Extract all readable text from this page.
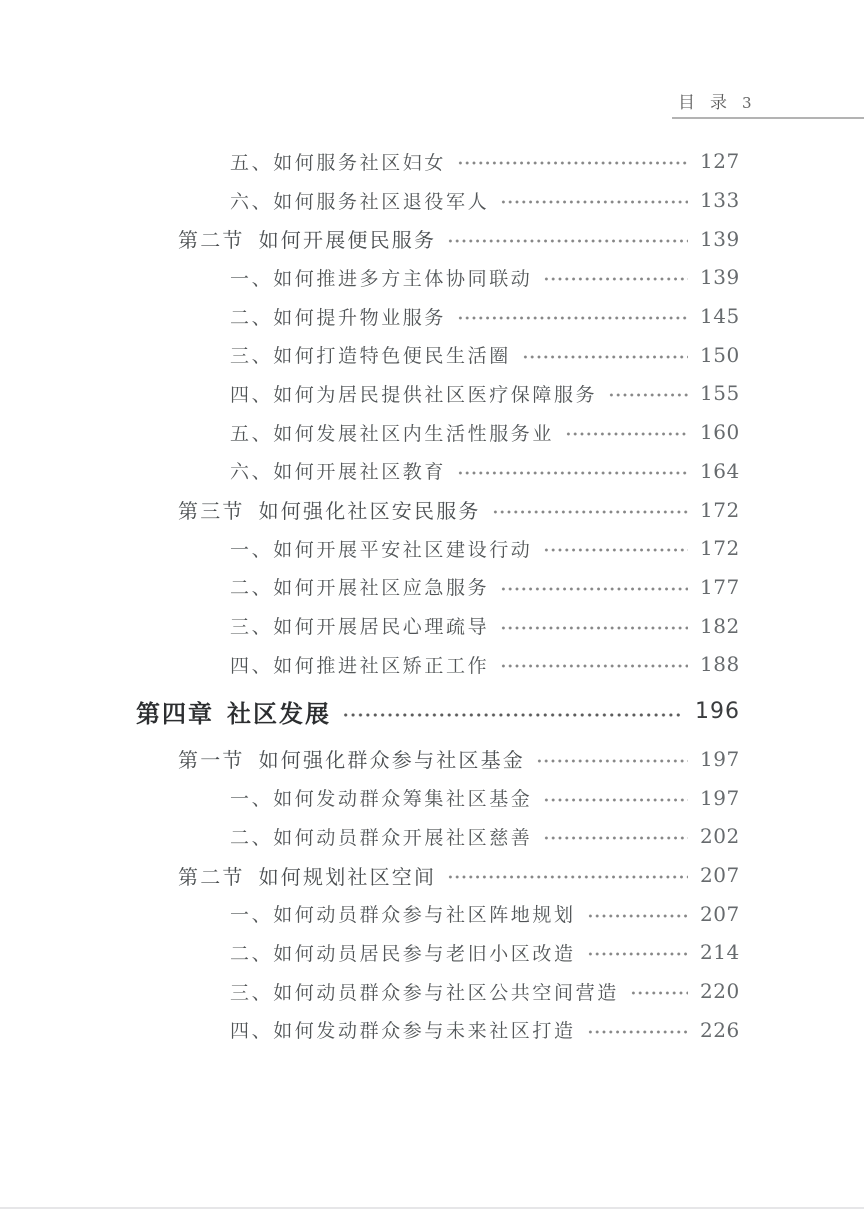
目录 3
五、如何服务社区妇女	127
六、如何服务社区退役军人	133
第二节 如何开展便民服务	139
一、如何推进多方主体协同联动	139
二、如何提升物业服务	145
三、如何打造特色便民生活圈	150
四、如何为居民提供社区医疗保障服务	155
五、如何发展社区内生活性服务业	160
六、如何开展社区教育	164
第三节 如何强化社区安民服务	172
一、如何开展平安社区建设行动	172
二、如何开展社区应急服务	177
三、如何开展居民心理疏导	182
四、如何推进社区矫正工作	188
第四章 社区发展	196
第一节 如何强化群众参与社区基金	197
一、如何发动群众筹集社区基金	197
二、如何动员群众开展社区慈善	202
第二节 如何规划社区空间	207
一、如何动员群众参与社区阵地规划	207
二、如何动员居民参与老旧小区改造	214
三、如何动员群众参与社区公共空间营造	220
四、如何发动群众参与未来社区打造	226
